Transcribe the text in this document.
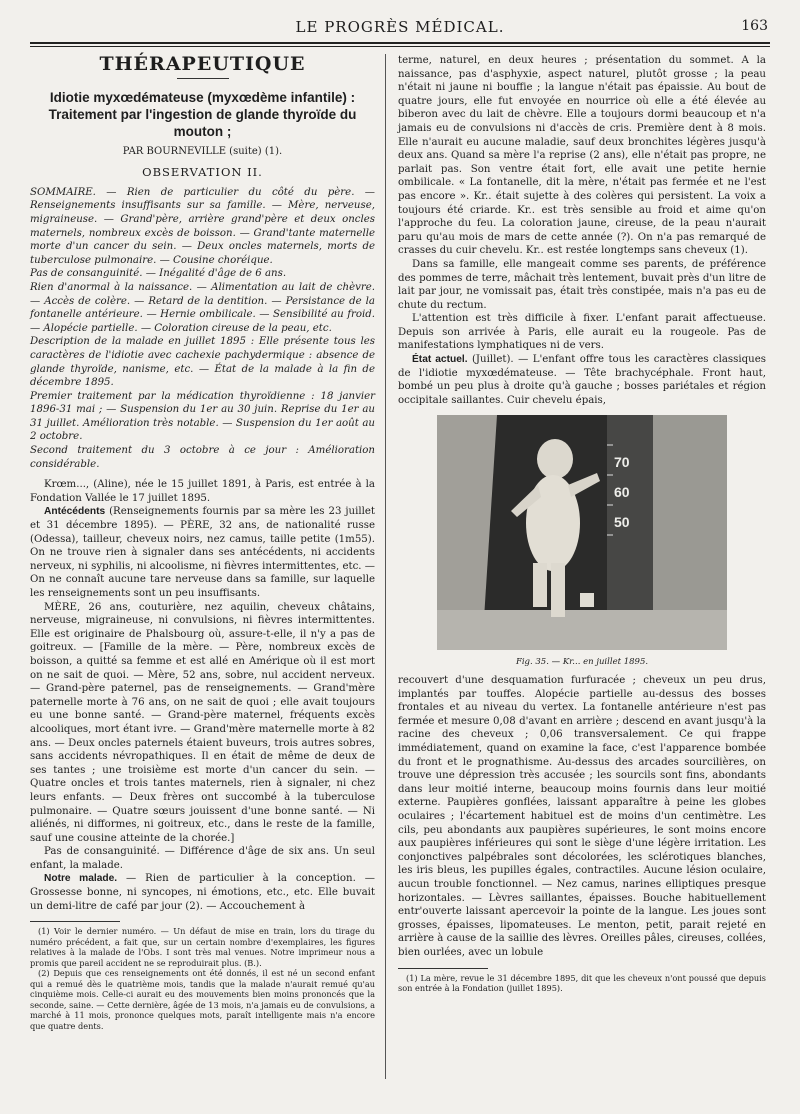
LE PROGRÈS MÉDICAL.	163
THÉRAPEUTIQUE
Idiotie myxœdémateuse (myxœdème infantile) :
Traitement par l'ingestion de glande thyroïde du mouton ;
PAR BOURNEVILLE (suite) (1).
OBSERVATION II.

SOMMAIRE. — Rien de particulier du côté du père. — Renseignements insuffisants sur sa famille. — Mère, nerveuse, migraineuse. — Grand'père, arrière grand'père et deux oncles maternels, nombreux excès de boisson. — Grand'tante maternelle morte d'un cancer du sein. — Deux oncles maternels, morts de tuberculose pulmonaire. — Cousine choréique.

Pas de consanguinité. — Inégalité d'âge de 6 ans.

Rien d'anormal à la naissance. — Alimentation au lait de chèvre. — Accès de colère. — Retard de la dentition. — Persistance de la fontanelle antérieure. — Hernie ombilicale. — Sensibilité au froid. — Alopécie partielle. — Coloration cireuse de la peau, etc.

Description de la malade en juillet 1895 : Elle présente tous les caractères de l'idiotie avec cachexie pachydermique : absence de glande thyroïde, nanisme, etc. — État de la malade à la fin de décembre 1895.

Premier traitement par la médication thyroïdienne : 18 janvier 1896-31 mai ; — Suspension du 1er au 30 juin. Reprise du 1er au 31 juillet. Amélioration très notable. — Suspension du 1er août au 2 octobre.

Second traitement du 3 octobre à ce jour : Amélioration considérable.

Krœm..., (Aline), née le 15 juillet 1891, à Paris, est entrée à la Fondation Vallée le 17 juillet 1895.

Antécédents (Renseignements fournis par sa mère les 23 juillet et 31 décembre 1895). — PÈRE, 32 ans, de nationalité russe (Odessa), tailleur, cheveux noirs, nez camus, taille petite (1m55). On ne trouve rien à signaler dans ses antécédents, ni accidents nerveux, ni syphilis, ni alcoolisme, ni fièvres intermittentes, etc. — On ne connaît aucune tare nerveuse dans sa famille, sur laquelle les renseignements sont un peu insuffisants.

MÈRE, 26 ans, couturière, nez aquilin, cheveux châtains, nerveuse, migraineuse, ni convulsions, ni fièvres intermittentes. Elle est originaire de Phalsbourg où, assure-t-elle, il n'y a pas de goitreux. — [Famille de la mère. — Père, nombreux excès de boisson, a quitté sa femme et est allé en Amérique où il est mort on ne sait de quoi. — Mère, 52 ans, sobre, nul accident nerveux. — Grand-père paternel, pas de renseignements. — Grand'mère paternelle morte à 76 ans, on ne sait de quoi ; elle avait toujours eu une bonne santé. — Grand-père maternel, fréquents excès alcooliques, mort étant ivre. — Grand'mère maternelle morte à 82 ans. — Deux oncles paternels étaient buveurs, trois autres sobres, sans accidents névropathiques. Il en était de même de deux de ses tantes ; une troisième est morte d'un cancer du sein. — Quatre oncles et trois tantes maternels, rien à signaler, ni chez leurs enfants. — Deux frères ont succombé à la tuberculose pulmonaire. — Quatre sœurs jouissent d'une bonne santé. — Ni aliénés, ni difformes, ni goitreux, etc., dans le reste de la famille, sauf une cousine atteinte de la chorée.]

Pas de consanguinité. — Différence d'âge de six ans. Un seul enfant, la malade.

Notre malade. — Rien de particulier à la conception. — Grossesse bonne, ni syncopes, ni émotions, etc., etc. Elle buvait un demi-litre de café par jour (2). — Accouchement à

(1) Voir le dernier numéro. — Un défaut de mise en train, lors du tirage du numéro précédent, a fait que, sur un certain nombre d'exemplaires, les figures relatives à la malade de l'Obs. I sont très mal venues. Notre imprimeur nous a promis que pareil accident ne se reproduirait plus. (B.).

(2) Depuis que ces renseignements ont été donnés, il est né un second enfant qui a remué dès le quatrième mois, tandis que la malade n'aurait remué qu'au cinquième mois. Celle-ci aurait eu des mouvements bien moins prononcés que la seconde, saine. — Cette dernière, âgée de 13 mois, n'a jamais eu de convulsions, a marché à 11 mois, prononce quelques mots, paraît intelligente mais n'a encore que quatre dents.

terme, naturel, en deux heures ; présentation du sommet. A la naissance, pas d'asphyxie, aspect naturel, plutôt grosse ; la peau n'était ni jaune ni bouffie ; la langue n'était pas épaissie. Au bout de quatre jours, elle fut envoyée en nourrice où elle a été élevée au biberon avec du lait de chèvre. Elle a toujours dormi beaucoup et n'a jamais eu de convulsions ni d'accès de cris. Première dent à 8 mois. Elle n'aurait eu aucune maladie, sauf deux bronchites légères jusqu'à deux ans. Quand sa mère l'a reprise (2 ans), elle n'était pas propre, ne parlait pas. Son ventre était fort, elle avait une petite hernie ombilicale. « La fontanelle, dit la mère, n'était pas fermée et ne l'est pas encore ». Kr.. était sujette à des colères qui persistent. La voix a toujours été criarde. Kr.. est très sensible au froid et aime qu'on l'approche du feu. La coloration jaune, cireuse, de la peau n'aurait paru qu'au mois de mars de cette année (?). On n'a pas remarqué de crasses du cuir chevelu. Kr.. est restée longtemps sans cheveux (1).

Dans sa famille, elle mangeait comme ses parents, de préférence des pommes de terre, mâchait très lentement, buvait près d'un litre de lait par jour, ne vomissait pas, était très constipée, mais n'a pas eu de chute du rectum.

L'attention est très difficile à fixer. L'enfant parait affectueuse. Depuis son arrivée à Paris, elle aurait eu la rougeole. Pas de manifestations lymphatiques ni de vers.

État actuel. (Juillet). — L'enfant offre tous les caractères classiques de l'idiotie myxœdémateuse. — Tête brachycéphale. Front haut, bombé un peu plus à droite qu'à gauche ; bosses pariétales et région occipitale saillantes. Cuir chevelu épais,

70
60
50
Fig. 35. — Kr... en juillet 1895.

recouvert d'une desquamation furfuracée ; cheveux un peu drus, implantés par touffes. Alopécie partielle au-dessus des bosses frontales et au niveau du vertex. La fontanelle antérieure n'est pas fermée et mesure 0,08 d'avant en arrière ; descend en avant jusqu'à la racine des cheveux ; 0,06 transversalement. Ce qui frappe immédiatement, quand on examine la face, c'est l'apparence bombée du front et le prognathisme. Au-dessus des arcades sourcilières, on trouve une dépression très accusée ; les sourcils sont fins, abondants dans leur moitié interne, beaucoup moins fournis dans leur moitié externe. Paupières gonflées, laissant apparaître à peine les globes oculaires ; l'écartement habituel est de moins d'un centimètre. Les cils, peu abondants aux paupières supérieures, le sont moins encore aux paupières inférieures qui sont le siège d'une légère irritation. Les conjonctives palpébrales sont décolorées, les sclérotiques blanches, les iris bleus, les pupilles égales, contractiles. Aucune lésion oculaire, aucun trouble fonctionnel. — Nez camus, narines elliptiques presque horizontales. — Lèvres saillantes, épaisses. Bouche habituellement entr'ouverte laissant apercevoir la pointe de la langue. Les joues sont grosses, épaisses, lipomateuses. Le menton, petit, parait rejeté en arrière à cause de la saillie des lèvres. Oreilles pâles, cireuses, collées, bien ourlées, avec un lobule

(1) La mère, revue le 31 décembre 1895, dit que les cheveux n'ont poussé que depuis son entrée à la Fondation (juillet 1895).
